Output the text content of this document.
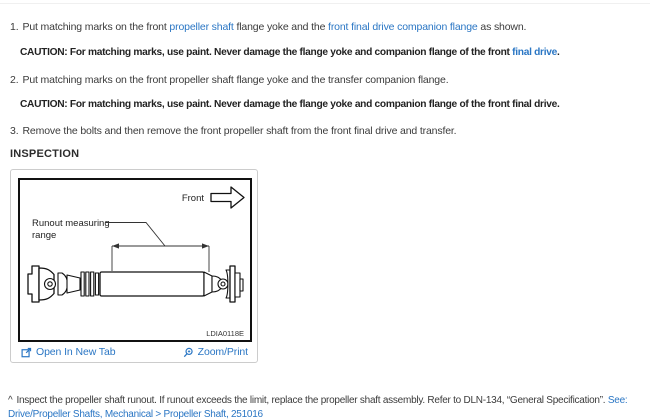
1. Put matching marks on the front propeller shaft flange yoke and the front final drive companion flange as shown.

CAUTION: For matching marks, use paint. Never damage the flange yoke and companion flange of the front final drive.

2. Put matching marks on the front propeller shaft flange yoke and the transfer companion flange.

CAUTION: For matching marks, use paint. Never damage the flange yoke and companion flange of the front final drive.

3. Remove the bolts and then remove the front propeller shaft from the front final drive and transfer.

INSPECTION

Front
Runout measuring
range
LDIA0118E
Open In New Tab	Zoom/Print

^ Inspect the propeller shaft runout. If runout exceeds the limit, replace the propeller shaft assembly. Refer to DLN-134, “General Specification”. See:

Drive/Propeller Shafts, Mechanical > Propeller Shaft, 251016
